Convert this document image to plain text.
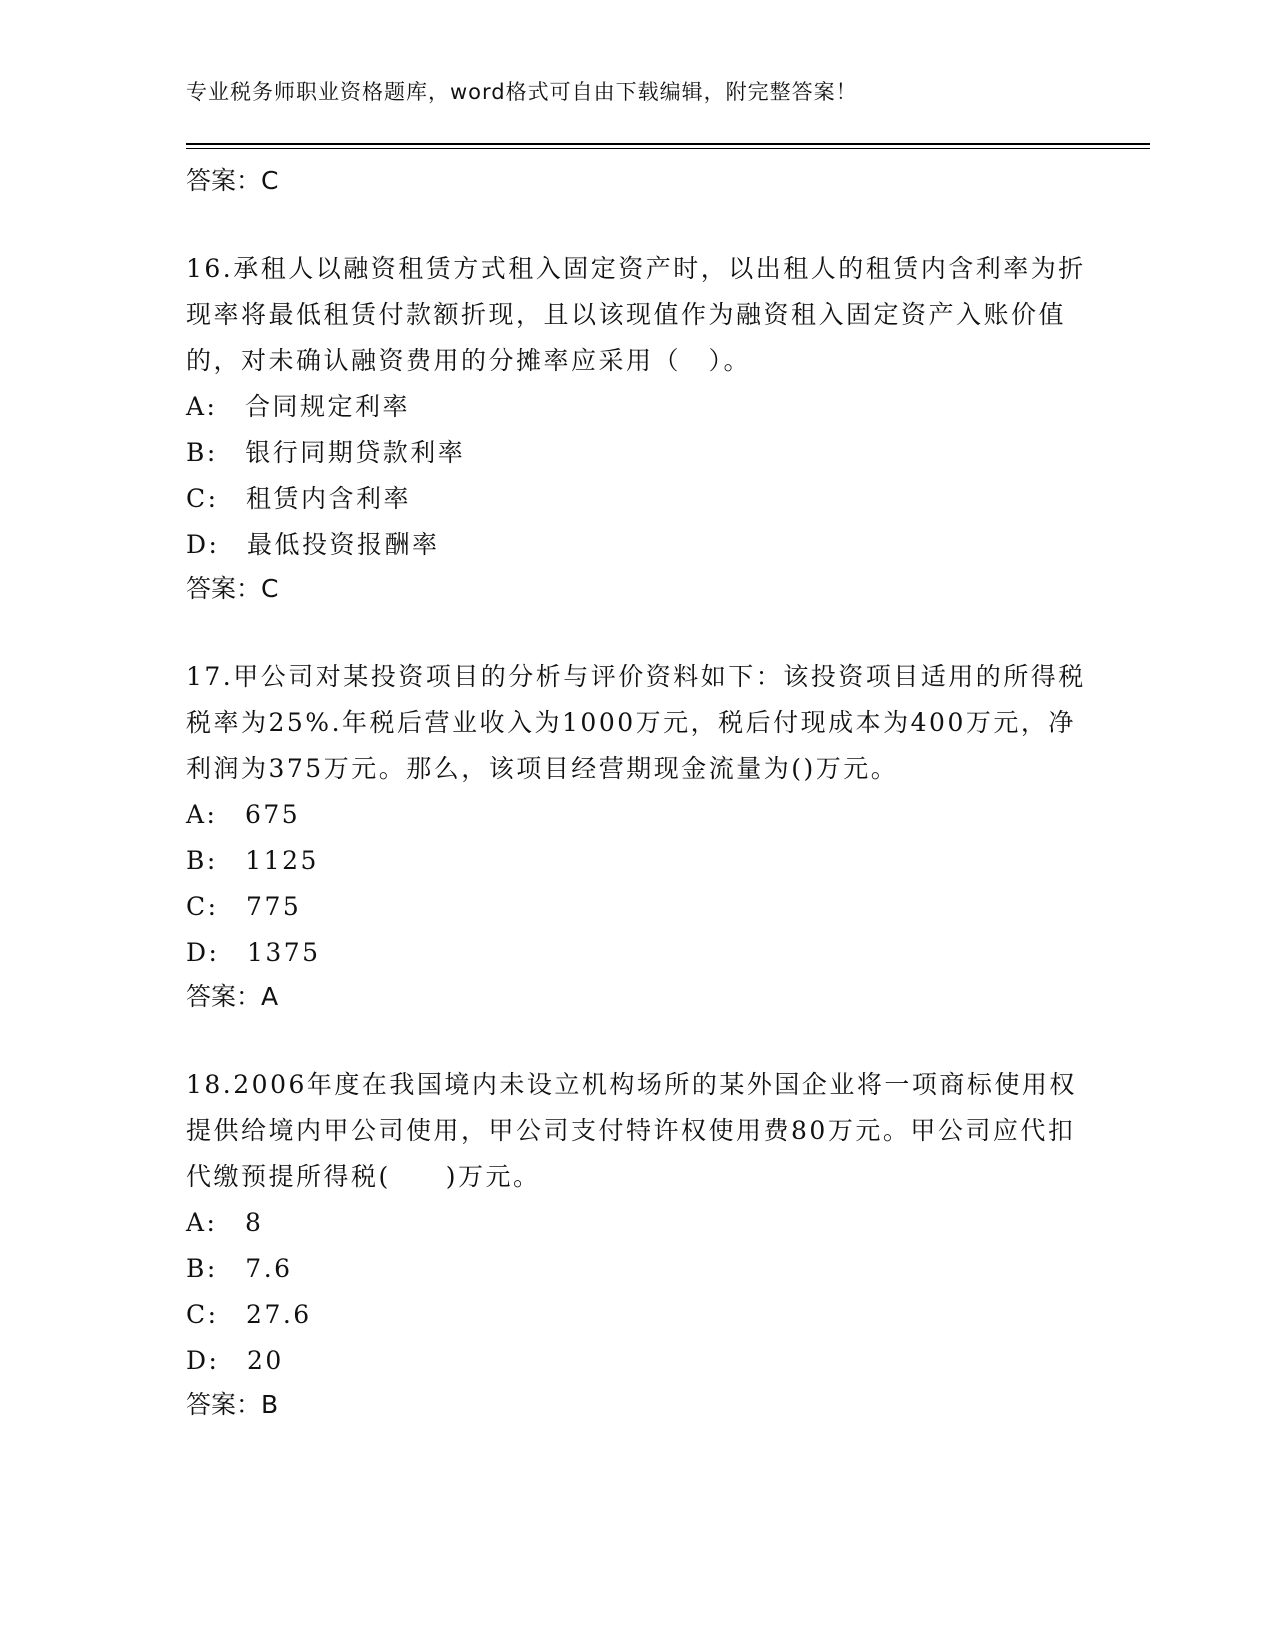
专业税务师职业资格题库，word格式可自由下载编辑，附完整答案！
答案：C
16.承租人以融资租赁方式租入固定资产时，以出租人的租赁内含利率为折现率将最低租赁付款额折现，且以该现值作为融资租入固定资产入账价值的，对未确认融资费用的分摊率应采用（　）。
A:　合同规定利率
B:　银行同期贷款利率
C:　租赁内含利率
D:　最低投资报酬率
答案：C
17.甲公司对某投资项目的分析与评价资料如下：该投资项目适用的所得税税率为25%.年税后营业收入为1000万元，税后付现成本为400万元，净利润为375万元。那么，该项目经营期现金流量为()万元。
A:　675
B:　1125
C:　775
D:　1375
答案：A
18.2006年度在我国境内未设立机构场所的某外国企业将一项商标使用权提供给境内甲公司使用，甲公司支付特许权使用费80万元。甲公司应代扣代缴预提所得税(　　)万元。
A:　8
B:　7.6
C:　27.6
D:　20
答案：B
